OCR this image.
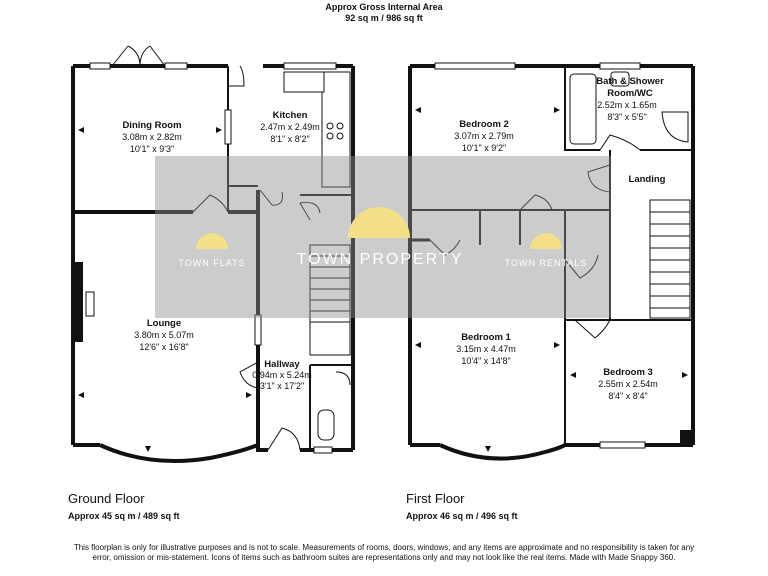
Approx Gross Internal Area
92 sq m / 986 sq ft
TOWN FLATS	TOWN PROPERTY	TOWN RENTALS
Dining Room
3.08m x 2.82m
10'1" x 9'3"
Kitchen
2.47m x 2.49m
8'1" x 8'2"
Lounge
3.80m x 5.07m
12'6" x 16'8"
Hallway
0.94m x 5.24m
3'1" x 17'2"
Bedroom 2
3.07m x 2.79m
10'1" x 9'2"
Bath & Shower
Room/WC
2.52m x 1.65m
8'3" x 5'5"
Landing
Bedroom 1
3.15m x 4.47m
10'4" x 14'8"
Bedroom 3
2.55m x 2.54m
8'4" x 8'4"
Ground Floor
Approx 45 sq m / 489 sq ft
First Floor
Approx 46 sq m / 496 sq ft
This floorplan is only for illustrative purposes and is not to scale. Measurements of rooms, doors, windows, and any items are approximate and no responsibility is taken for any error, omission or mis-statement. Icons of items such as bathroom suites are representations only and may not look like the real items. Made with Made Snappy 360.
